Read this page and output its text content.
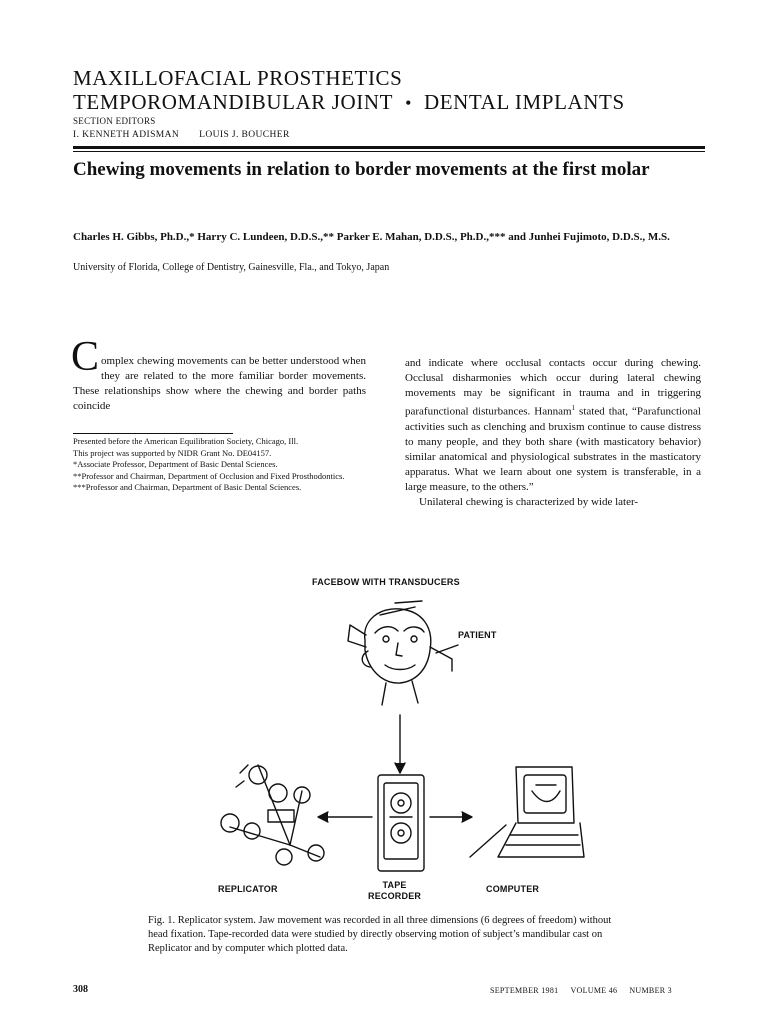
MAXILLOFACIAL PROSTHETICS
TEMPOROMANDIBULAR JOINT • DENTAL IMPLANTS
SECTION EDITORS
I. KENNETH ADISMAN LOUIS J. BOUCHER
Chewing movements in relation to border movements at the first molar
Charles H. Gibbs, Ph.D.,* Harry C. Lundeen, D.D.S.,** Parker E. Mahan, D.D.S., Ph.D.,*** and Junhei Fujimoto, D.D.S., M.S.
University of Florida, College of Dentistry, Gainesville, Fla., and Tokyo, Japan
C omplex chewing movements can be better understood when they are related to the more familiar border movements. These relationships show where the chewing and border paths coincide

Presented before the American Equilibration Society, Chicago, Ill.
This project was supported by NIDR Grant No. DE04157.
*Associate Professor, Department of Basic Dental Sciences.
**Professor and Chairman, Department of Occlusion and Fixed Prosthodontics.
***Professor and Chairman, Department of Basic Dental Sciences.

and indicate where occlusal contacts occur during chewing. Occlusal disharmonies which occur during lateral chewing movements may be significant in trauma and in triggering parafunctional disturbances. Hannam$^1$ stated that, “Parafunctional activities such as clenching and bruxism continue to cause distress to many people, and they both share (with masticatory behavior) similar anatomical and physiological substrates in the masticatory apparatus. What we learn about one system is transferable, in a large measure, to the others.”

Unilateral chewing is characterized by wide later-

FACEBOW WITH TRANSDUCERS
PATIENT
REPLICATOR	TAPE
RECORDER
COMPUTER
Fig. 1. Replicator system. Jaw movement was recorded in all three dimensions (6 degrees of freedom) without head fixation. Tape-recorded data were studied by directly observing motion of subject’s mandibular cast on Replicator and by computer which plotted data.
308	SEPTEMBER 1981 VOLUME 46 NUMBER 3
